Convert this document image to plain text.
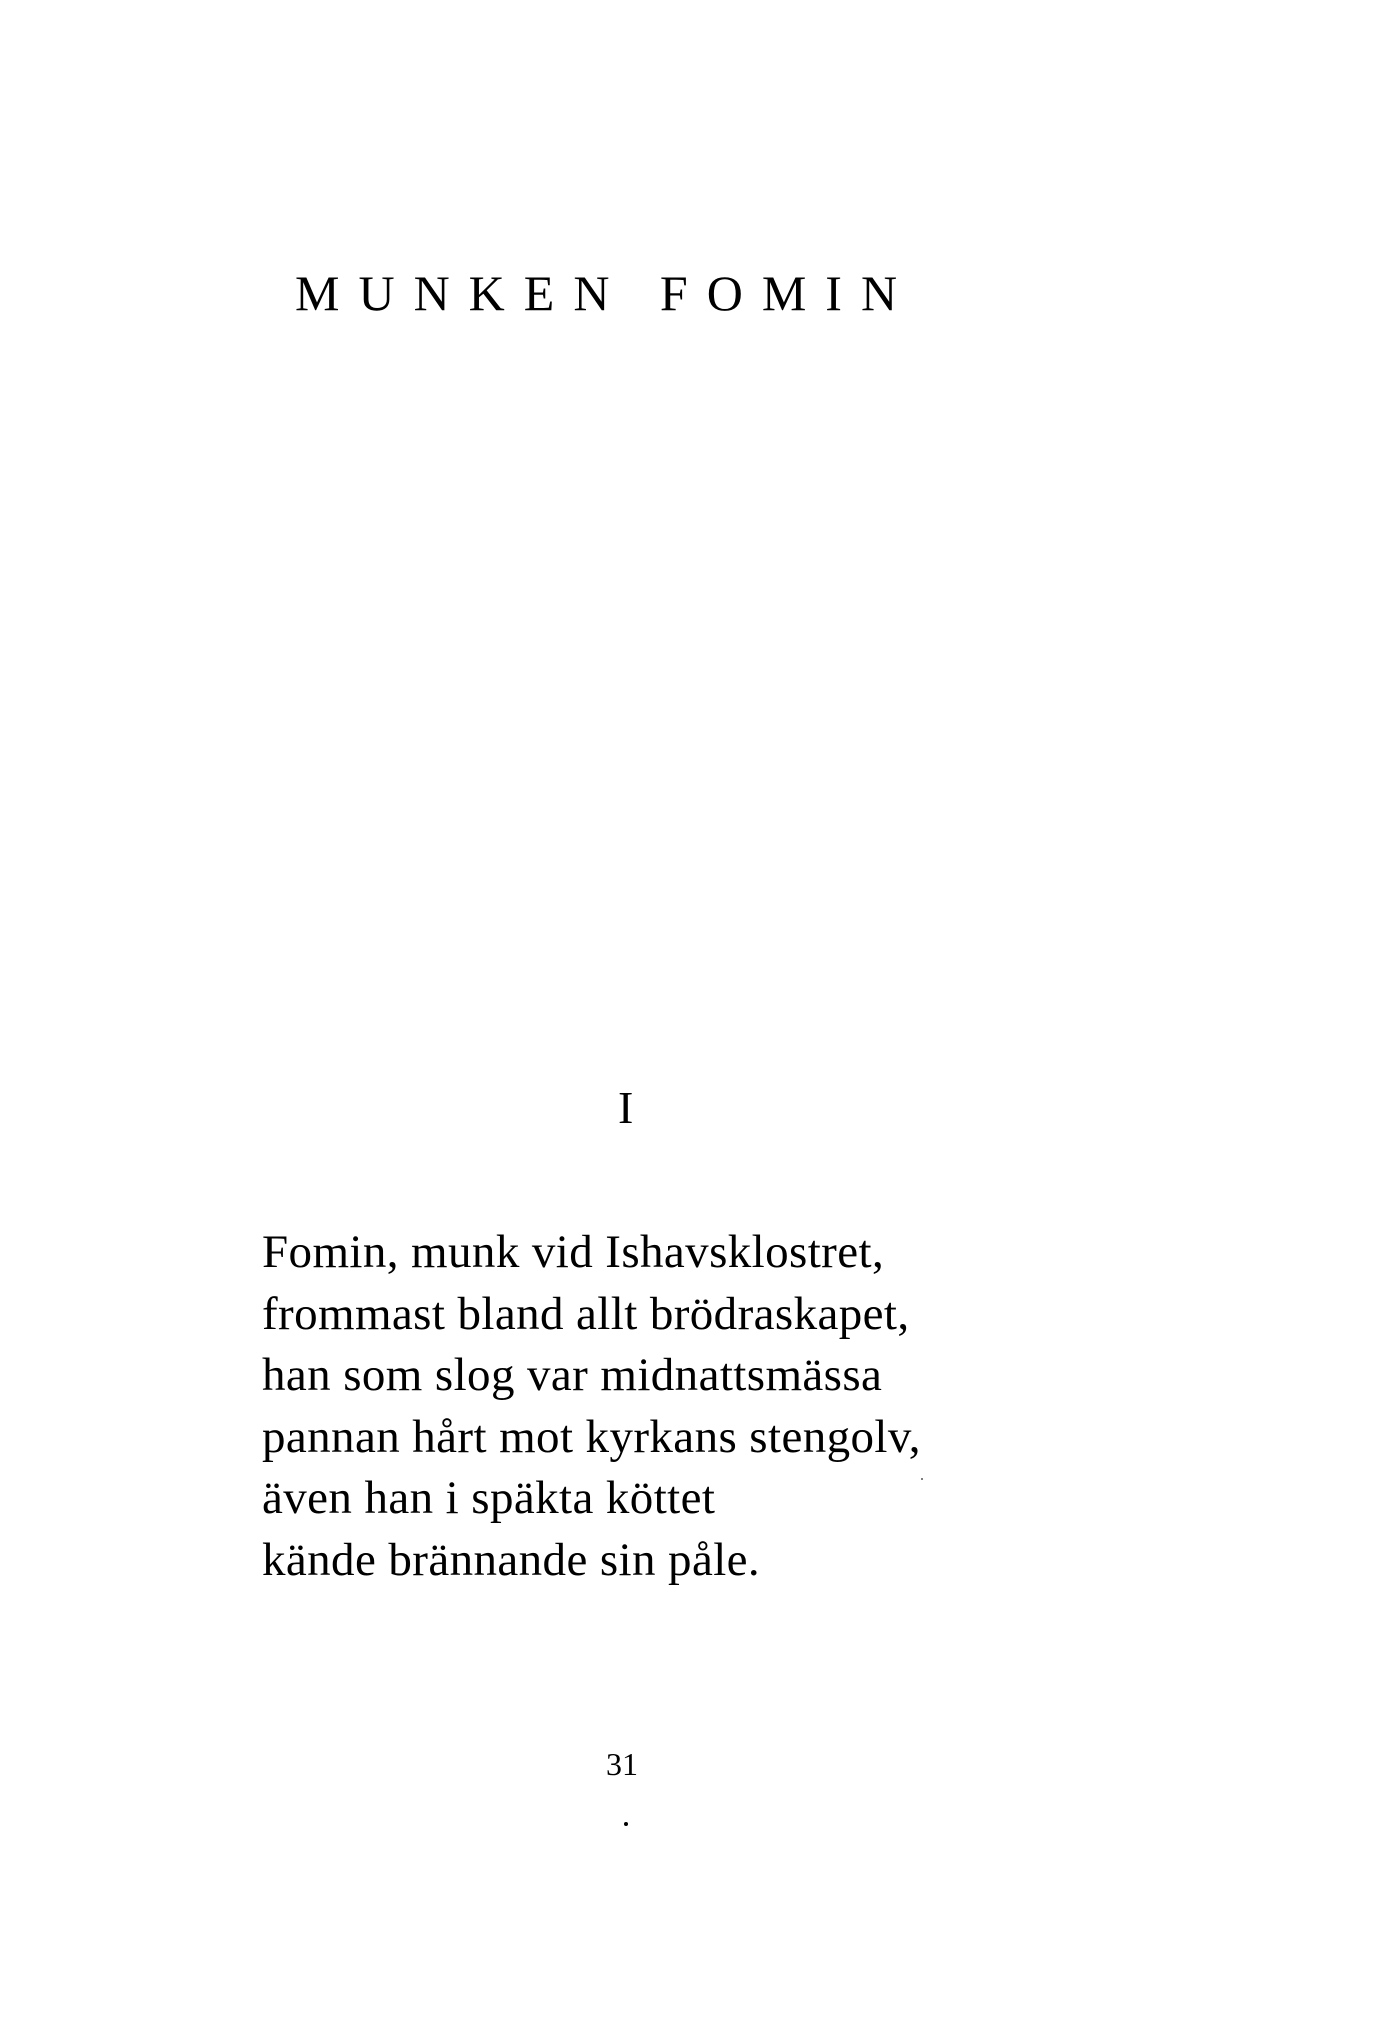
MUNKEN FOMIN
I
Fomin, munk vid Ishavsklostret,
frommast bland allt brödraskapet,
han som slog var midnattsmässa
pannan hårt mot kyrkans stengolv,
även han i späkta köttet
kände brännande sin påle.
31
